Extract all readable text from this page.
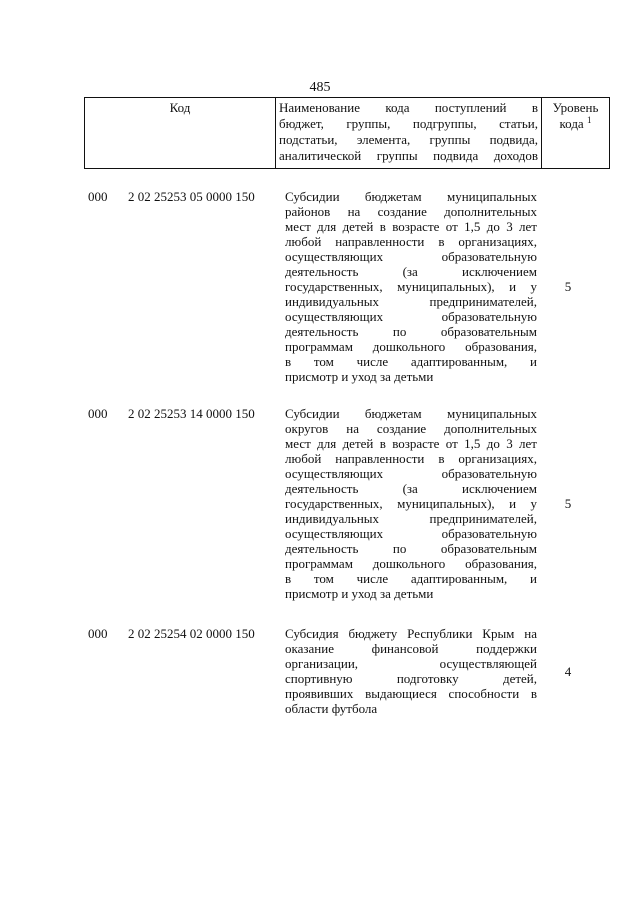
485
Код	Наименование кода поступлений в
бюджет, группы, подгруппы, статьи,
подстатьи, элемента, группы подвида,
аналитической группы подвида доходов

Уровень
кода $^1$
000	2 02 25253 05 0000 150	Субсидии бюджетам муниципальных
районов на создание дополнительных
мест для детей в возрасте от 1,5 до 3 лет
любой направленности в организациях,
осуществляющих образовательную
деятельность (за исключением
государственных, муниципальных), и у
индивидуальных предпринимателей,
осуществляющих образовательную
деятельность по образовательным
программам дошкольного образования,
в том числе адаптированным, и
присмотр и уход за детьми
5
000	2 02 25253 14 0000 150	Субсидии бюджетам муниципальных
округов на создание дополнительных
мест для детей в возрасте от 1,5 до 3 лет
любой направленности в организациях,
осуществляющих образовательную
деятельность (за исключением
государственных, муниципальных), и у
индивидуальных предпринимателей,
осуществляющих образовательную
деятельность по образовательным
программам дошкольного образования,
в том числе адаптированным, и
присмотр и уход за детьми
5
000	2 02 25254 02 0000 150	Субсидия бюджету Республики Крым на
оказание финансовой поддержки
организации, осуществляющей
спортивную подготовку детей,
проявивших выдающиеся способности в
области футбола
4
